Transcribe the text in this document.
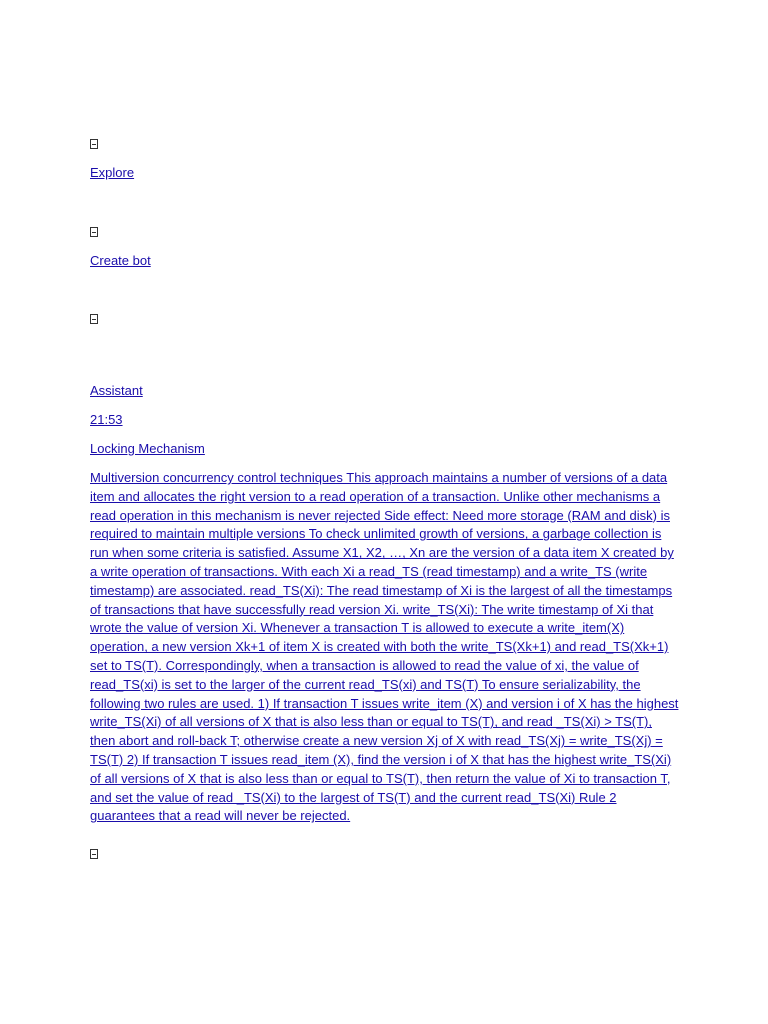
Explore
Create bot
Assistant
21:53
Locking Mechanism
Multiversion concurrency control techniques This approach maintains a number of versions of a data item and allocates the right version to a read operation of a transaction. Unlike other mechanisms a read operation in this mechanism is never rejected Side effect: Need more storage (RAM and disk) is required to maintain multiple versions To check unlimited growth of versions, a garbage collection is run when some criteria is satisfied. Assume X1, X2, …, Xn are the version of a data item X created by a write operation of transactions. With each Xi a read_TS (read timestamp) and a write_TS (write timestamp) are associated. read_TS(Xi): The read timestamp of Xi is the largest of all the timestamps of transactions that have successfully read version Xi. write_TS(Xi): The write timestamp of Xi that wrote the value of version Xi. Whenever a transaction T is allowed to execute a write_item(X) operation, a new version Xk+1 of item X is created with both the write_TS(Xk+1) and read_TS(Xk+1) set to TS(T). Correspondingly, when a transaction is allowed to read the value of xi, the value of read_TS(xi) is set to the larger of the current read_TS(xi) and TS(T) To ensure serializability, the following two rules are used. 1) If transaction T issues write_item (X) and version i of X has the highest write_TS(Xi) of all versions of X that is also less than or equal to TS(T), and read _TS(Xi) > TS(T), then abort and roll-back T; otherwise create a new version Xj of X with read_TS(Xj) = write_TS(Xj) = TS(T) 2) If transaction T issues read_item (X), find the version i of X that has the highest write_TS(Xi) of all versions of X that is also less than or equal to TS(T), then return the value of Xi to transaction T, and set the value of read _TS(Xi) to the largest of TS(T) and the current read_TS(Xi) Rule 2 guarantees that a read will never be rejected.
